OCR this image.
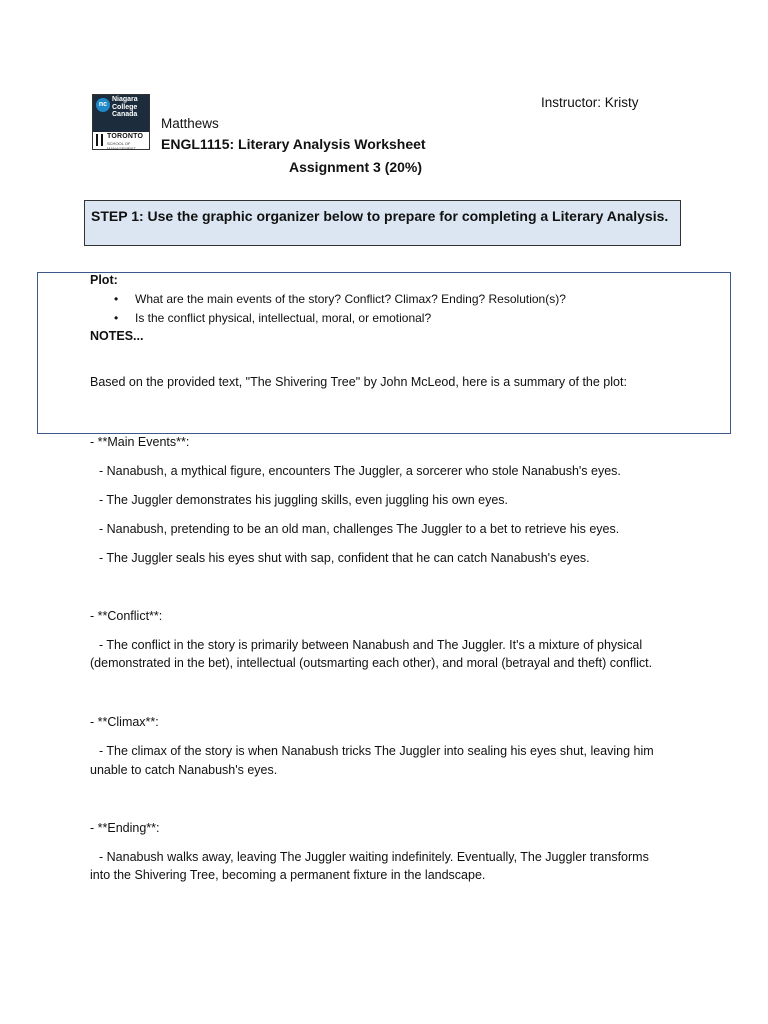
nc
Niagara
College
Canada
TORONTO
SCHOOL OF MANAGEMENT
Instructor: Kristy
Matthews
ENGL1115: Literary Analysis Worksheet
Assignment 3 (20%)
STEP 1: Use the graphic organizer below to prepare for completing a Literary Analysis.
Plot:
• What are the main events of the story? Conflict? Climax? Ending? Resolution(s)?
• Is the conflict physical, intellectual, moral, or emotional?
NOTES...
Based on the provided text, "The Shivering Tree" by John McLeod, here is a summary of the plot:
- **Main Events**:
- Nanabush, a mythical figure, encounters The Juggler, a sorcerer who stole Nanabush's eyes.
- The Juggler demonstrates his juggling skills, even juggling his own eyes.
- Nanabush, pretending to be an old man, challenges The Juggler to a bet to retrieve his eyes.
- The Juggler seals his eyes shut with sap, confident that he can catch Nanabush's eyes.
- **Conflict**:
- The conflict in the story is primarily between Nanabush and The Juggler. It's a mixture of physical
(demonstrated in the bet), intellectual (outsmarting each other), and moral (betrayal and theft) conflict.
- **Climax**:
- The climax of the story is when Nanabush tricks The Juggler into sealing his eyes shut, leaving him
unable to catch Nanabush's eyes.
- **Ending**:
- Nanabush walks away, leaving The Juggler waiting indefinitely. Eventually, The Juggler transforms
into the Shivering Tree, becoming a permanent fixture in the landscape.
